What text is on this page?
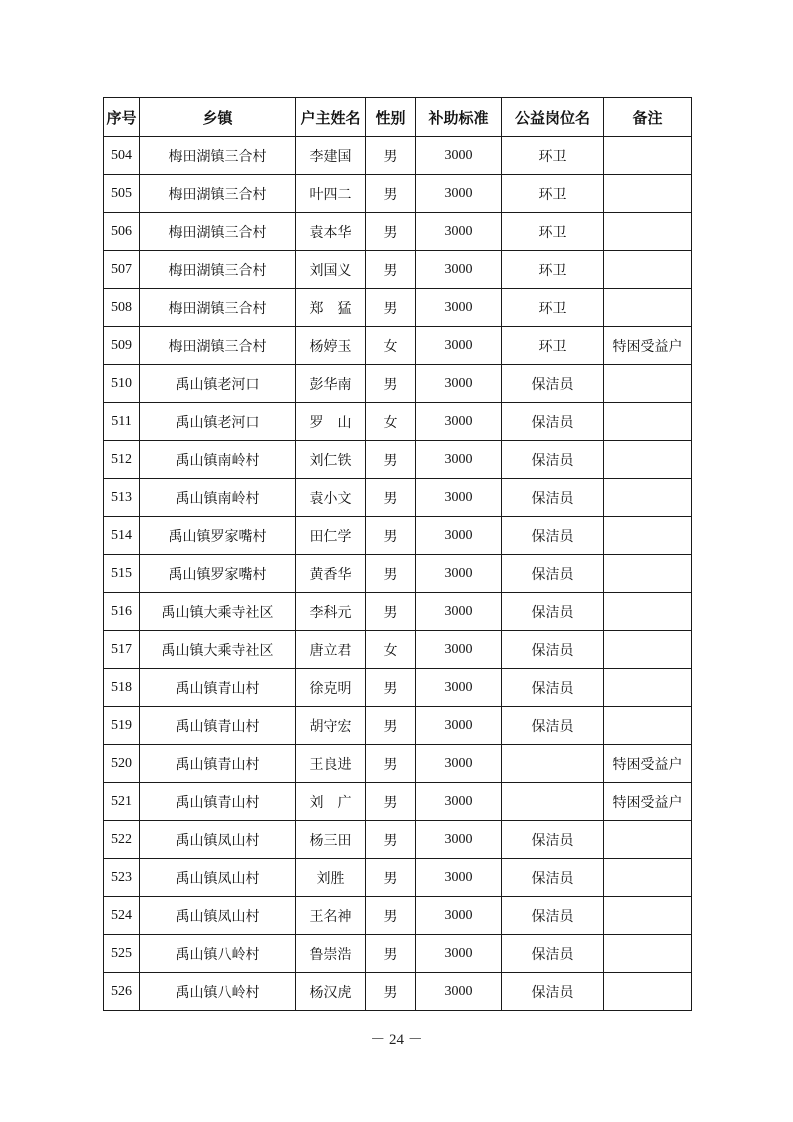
序号	乡镇	户主姓名	性别	补助标准	公益岗位名	备注
504	梅田湖镇三合村	李建国	男	3000	环卫	
505	梅田湖镇三合村	叶四二	男	3000	环卫	
506	梅田湖镇三合村	袁本华	男	3000	环卫	
507	梅田湖镇三合村	刘国义	男	3000	环卫	
508	梅田湖镇三合村	郑　猛	男	3000	环卫	
509	梅田湖镇三合村	杨婷玉	女	3000	环卫	特困受益户
510	禹山镇老河口	彭华南	男	3000	保洁员	
511	禹山镇老河口	罗　山	女	3000	保洁员	
512	禹山镇南岭村	刘仁铁	男	3000	保洁员	
513	禹山镇南岭村	袁小文	男	3000	保洁员	
514	禹山镇罗家嘴村	田仁学	男	3000	保洁员	
515	禹山镇罗家嘴村	黄香华	男	3000	保洁员	
516	禹山镇大乘寺社区	李科元	男	3000	保洁员	
517	禹山镇大乘寺社区	唐立君	女	3000	保洁员	
518	禹山镇青山村	徐克明	男	3000	保洁员	
519	禹山镇青山村	胡守宏	男	3000	保洁员	
520	禹山镇青山村	王良进	男	3000		特困受益户
521	禹山镇青山村	刘　广	男	3000		特困受益户
522	禹山镇凤山村	杨三田	男	3000	保洁员	
523	禹山镇凤山村	刘胜	男	3000	保洁员	
524	禹山镇凤山村	王名神	男	3000	保洁员	
525	禹山镇八岭村	鲁崇浩	男	3000	保洁员	
526	禹山镇八岭村	杨汉虎	男	3000	保洁员	
－ 24 －
